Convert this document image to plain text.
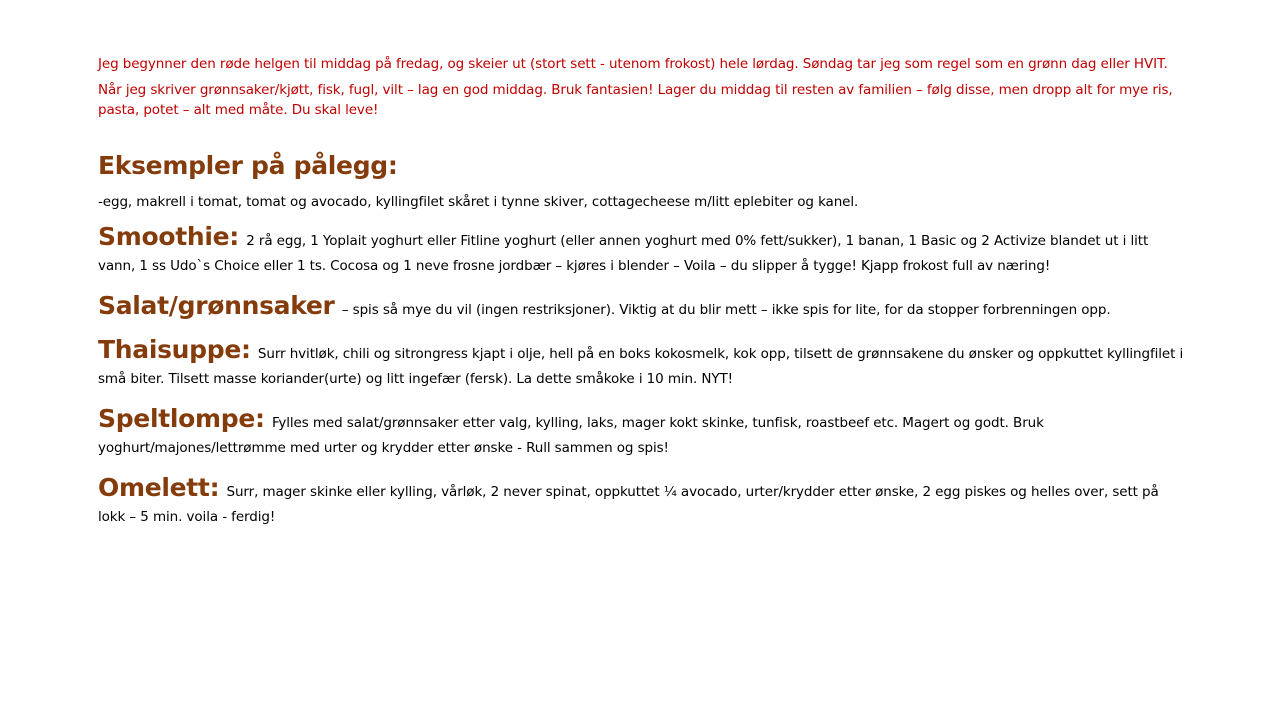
Jeg begynner den røde helgen til middag på fredag, og skeier ut (stort sett - utenom frokost) hele lørdag. Søndag tar jeg som regel som en grønn dag eller HVIT.

Når jeg skriver grønnsaker/kjøtt, fisk, fugl, vilt – lag en god middag. Bruk fantasien! Lager du middag til resten av familien – følg disse, men dropp alt for mye ris, pasta, potet – alt med måte. Du skal leve!

Eksempler på pålegg:

-egg, makrell i tomat, tomat og avocado, kyllingfilet skåret i tynne skiver, cottagecheese m/litt eplebiter og kanel.

Smoothie: 2 rå egg, 1 Yoplait yoghurt eller Fitline yoghurt (eller annen yoghurt med 0% fett/sukker), 1 banan, 1 Basic og 2 Activize blandet ut i litt vann, 1 ss Udo`s Choice eller 1 ts. Cocosa og 1 neve frosne jordbær – kjøres i blender – Voila – du slipper å tygge! Kjapp frokost full av næring!

Salat/grønnsaker – spis så mye du vil (ingen restriksjoner). Viktig at du blir mett – ikke spis for lite, for da stopper forbrenningen opp.

Thaisuppe: Surr hvitløk, chili og sitrongress kjapt i olje, hell på en boks kokosmelk, kok opp, tilsett de grønnsakene du ønsker og oppkuttet kyllingfilet i små biter. Tilsett masse koriander(urte) og litt ingefær (fersk). La dette småkoke i 10 min. NYT!

Speltlompe: Fylles med salat/grønnsaker etter valg, kylling, laks, mager kokt skinke, tunfisk, roastbeef etc. Magert og godt. Bruk yoghurt/majones/lettrømme med urter og krydder etter ønske - Rull sammen og spis!

Omelett: Surr, mager skinke eller kylling, vårløk, 2 never spinat, oppkuttet ¼ avocado, urter/krydder etter ønske, 2 egg piskes og helles over, sett på lokk – 5 min. voila - ferdig!
